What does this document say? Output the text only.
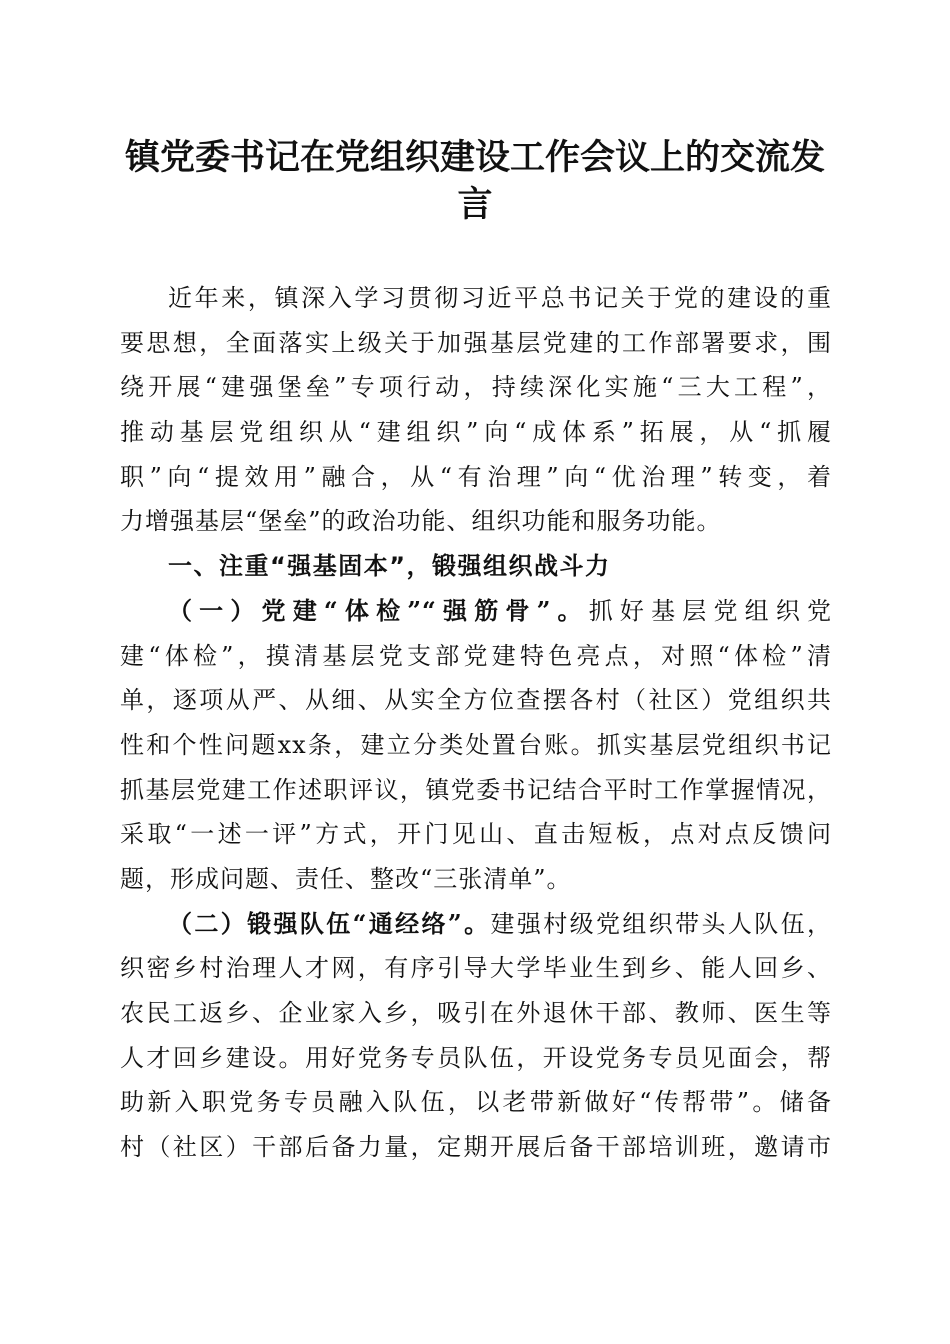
镇党委书记在党组织建设工作会议上的交流发
言
近年来，镇深入学习贯彻习近平总书记关于党的建设的重
要思想，全面落实上级关于加强基层党建的工作部署要求，围
绕开展“建强堡垒”专项行动，持续深化实施“三大工程”，
推动基层党组织从“建组织”向“成体系”拓展，从“抓履
职”向“提效用”融合，从“有治理”向“优治理”转变，着
力增强基层“堡垒”的政治功能、组织功能和服务功能。
一、注重“强基固本”，锻强组织战斗力
（一）党建“体检”“强筋骨”。抓好基层党组织党
建“体检”，摸清基层党支部党建特色亮点，对照“体检”清
单，逐项从严、从细、从实全方位查摆各村（社区）党组织共
性和个性问题xx条，建立分类处置台账。抓实基层党组织书记
抓基层党建工作述职评议，镇党委书记结合平时工作掌握情况，
采取“一述一评”方式，开门见山、直击短板，点对点反馈问
题，形成问题、责任、整改“三张清单”。
（二）锻强队伍“通经络”。建强村级党组织带头人队伍，
织密乡村治理人才网，有序引导大学毕业生到乡、能人回乡、
农民工返乡、企业家入乡，吸引在外退休干部、教师、医生等
人才回乡建设。用好党务专员队伍，开设党务专员见面会，帮
助新入职党务专员融入队伍，以老带新做好“传帮带”。储备
村（社区）干部后备力量，定期开展后备干部培训班，邀请市
